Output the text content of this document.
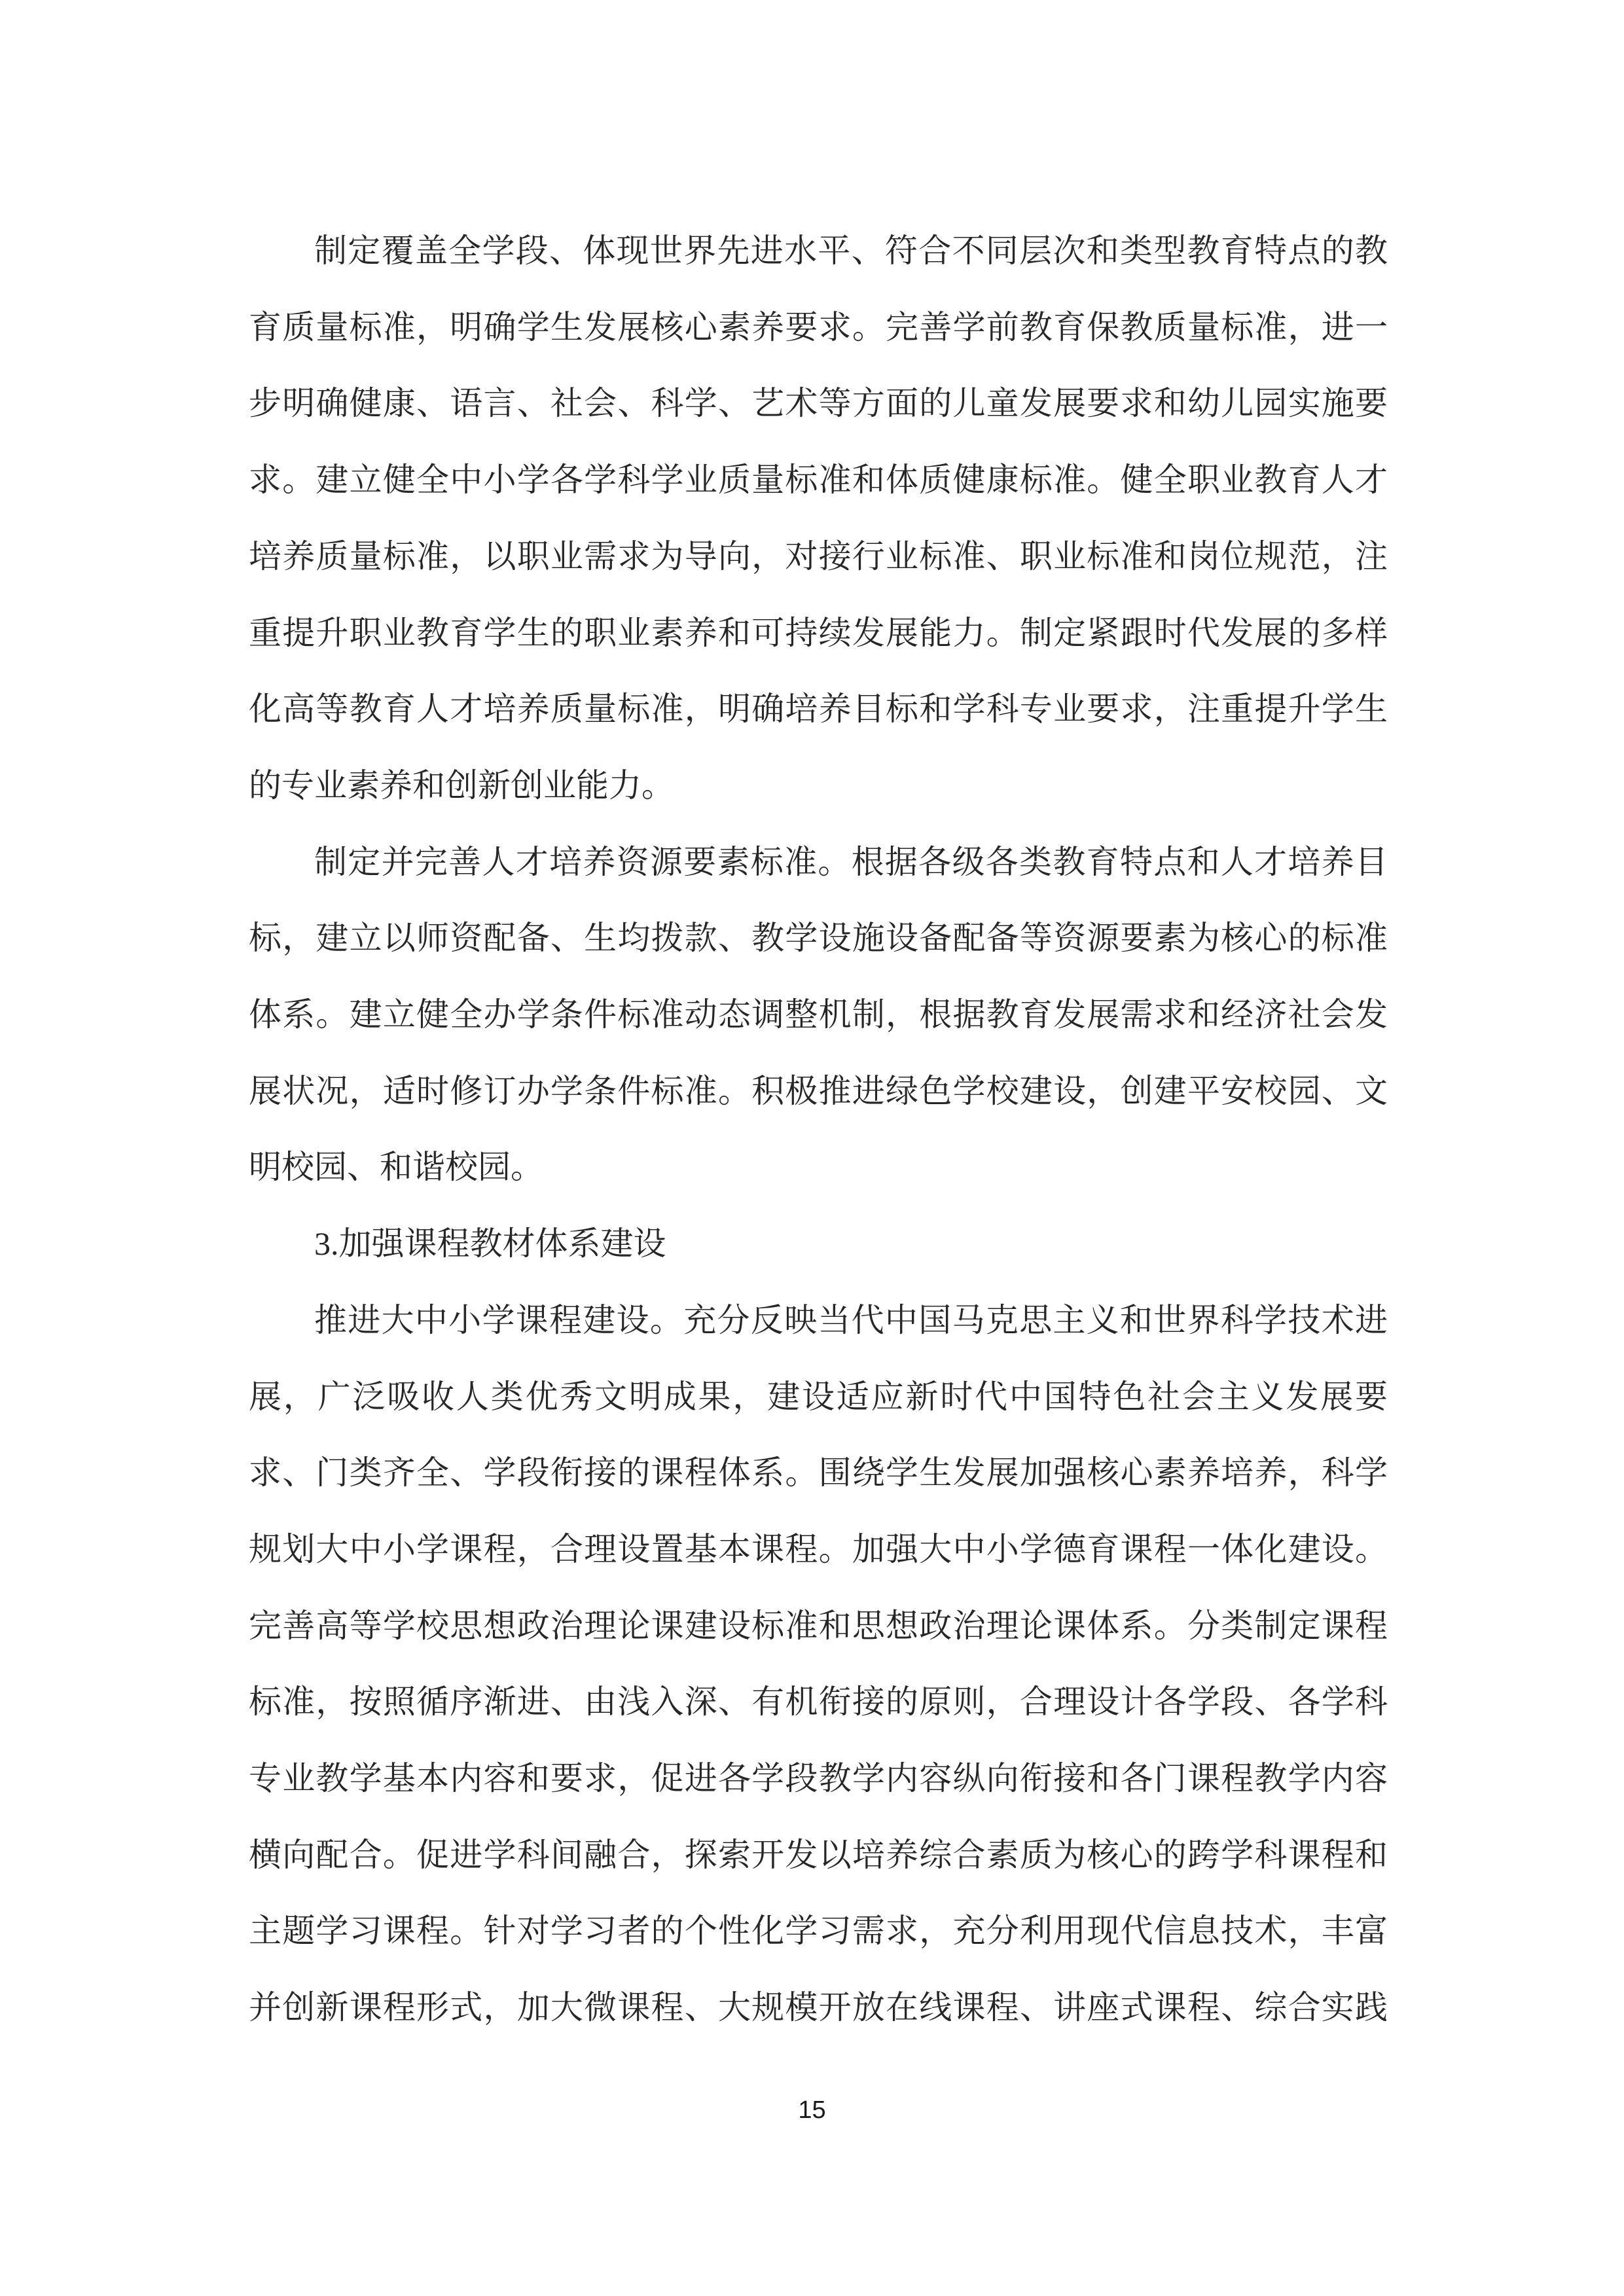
制定覆盖全学段、体现世界先进水平、符合不同层次和类型教育特点的教育质量标准，明确学生发展核心素养要求。完善学前教育保教质量标准，进一步明确健康、语言、社会、科学、艺术等方面的儿童发展要求和幼儿园实施要求。建立健全中小学各学科学业质量标准和体质健康标准。健全职业教育人才培养质量标准，以职业需求为导向，对接行业标准、职业标准和岗位规范，注重提升职业教育学生的职业素养和可持续发展能力。制定紧跟时代发展的多样化高等教育人才培养质量标准，明确培养目标和学科专业要求，注重提升学生的专业素养和创新创业能力。

制定并完善人才培养资源要素标准。根据各级各类教育特点和人才培养目标，建立以师资配备、生均拨款、教学设施设备配备等资源要素为核心的标准体系。建立健全办学条件标准动态调整机制，根据教育发展需求和经济社会发展状况，适时修订办学条件标准。积极推进绿色学校建设，创建平安校园、文明校园、和谐校园。

3.加强课程教材体系建设

推进大中小学课程建设。充分反映当代中国马克思主义和世界科学技术进展，广泛吸收人类优秀文明成果，建设适应新时代中国特色社会主义发展要求、门类齐全、学段衔接的课程体系。围绕学生发展加强核心素养培养，科学规划大中小学课程，合理设置基本课程。加强大中小学德育课程一体化建设。完善高等学校思想政治理论课建设标准和思想政治理论课体系。分类制定课程标准，按照循序渐进、由浅入深、有机衔接的原则，合理设计各学段、各学科专业教学基本内容和要求，促进各学段教学内容纵向衔接和各门课程教学内容横向配合。促进学科间融合，探索开发以培养综合素质为核心的跨学科课程和主题学习课程。针对学习者的个性化学习需求，充分利用现代信息技术，丰富并创新课程形式，加大微课程、大规模开放在线课程、讲座式课程、综合实践

15
